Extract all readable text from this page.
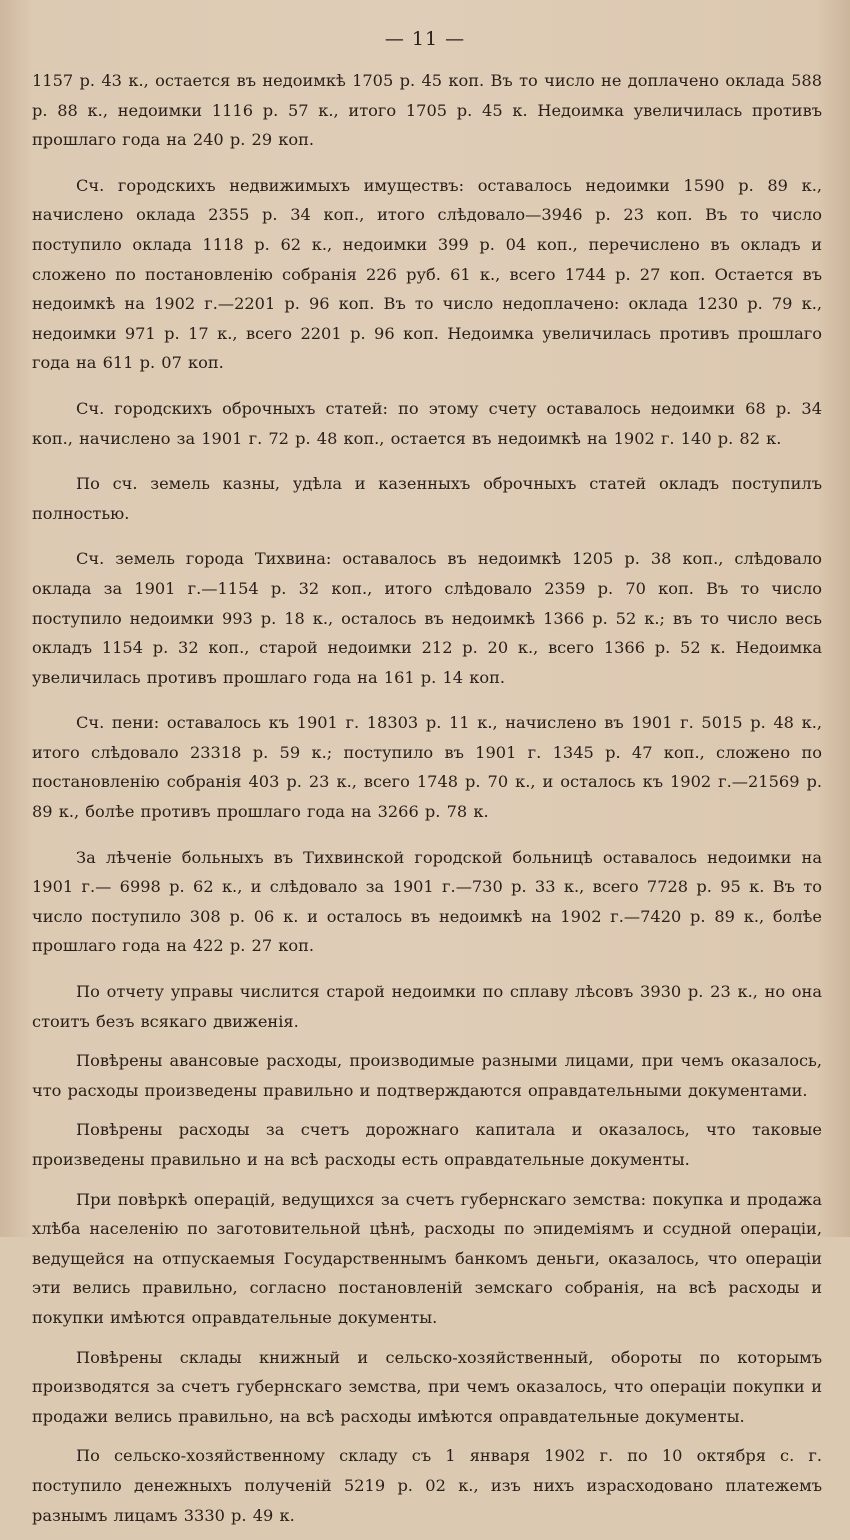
— 11 —

1157 р. 43 к., остается въ недоимкѣ 1705 р. 45 коп. Въ то число не доплачено оклада 588 р. 88 к., недоимки 1116 р. 57 к., итого 1705 р. 45 к. Недоимка увеличилась противъ прошлаго года на 240 р. 29 коп.

Сч. городскихъ недвижимыхъ имуществъ: оставалось недоимки 1590 р. 89 к., начислено оклада 2355 р. 34 коп., итого слѣдовало—3946 р. 23 коп. Въ то число поступило оклада 1118 р. 62 к., недоимки 399 р. 04 коп., перечислено въ окладъ и сложено по постановленію собранія 226 руб. 61 к., всего 1744 р. 27 коп. Остается въ недоимкѣ на 1902 г.—2201 р. 96 коп. Въ то число недоплачено: оклада 1230 р. 79 к., недоимки 971 р. 17 к., всего 2201 р. 96 коп. Недоимка увеличилась противъ прошлаго года на 611 р. 07 коп.

Сч. городскихъ оброчныхъ статей: по этому счету оставалось недоимки 68 р. 34 коп., начислено за 1901 г. 72 р. 48 коп., остается въ недоимкѣ на 1902 г. 140 р. 82 к.

По сч. земель казны, удѣла и казенныхъ оброчныхъ статей окладъ поступилъ полностью.

Сч. земель города Тихвина: оставалось въ недоимкѣ 1205 р. 38 коп., слѣдовало оклада за 1901 г.—1154 р. 32 коп., итого слѣдовало 2359 р. 70 коп. Въ то число поступило недоимки 993 р. 18 к., осталось въ недоимкѣ 1366 р. 52 к.; въ то число весь окладъ 1154 р. 32 коп., старой недоимки 212 р. 20 к., всего 1366 р. 52 к. Недоимка увеличилась противъ прошлаго года на 161 р. 14 коп.

Сч. пени: оставалось къ 1901 г. 18303 р. 11 к., начислено въ 1901 г. 5015 р. 48 к., итого слѣдовало 23318 р. 59 к.; поступило въ 1901 г. 1345 р. 47 коп., сложено по постановленію собранія 403 р. 23 к., всего 1748 р. 70 к., и осталось къ 1902 г.—21569 р. 89 к., болѣе противъ прошлаго года на 3266 р. 78 к.

За лѣченіе больныхъ въ Тихвинской городской больницѣ оставалось недоимки на 1901 г.— 6998 р. 62 к., и слѣдовало за 1901 г.—730 р. 33 к., всего 7728 р. 95 к. Въ то число поступило 308 р. 06 к. и осталось въ недоимкѣ на 1902 г.—7420 р. 89 к., болѣе прошлаго года на 422 р. 27 коп.

По отчету управы числится старой недоимки по сплаву лѣсовъ 3930 р. 23 к., но она стоитъ безъ всякаго движенія.

Повѣрены авансовые расходы, производимые разными лицами, при чемъ оказалось, что расходы произведены правильно и подтверждаются оправдательными документами.

Повѣрены расходы за счетъ дорожнаго капитала и оказалось, что таковые произведены правильно и на всѣ расходы есть оправдательные документы.

При повѣркѣ операцій, ведущихся за счетъ губернскаго земства: покупка и продажа хлѣба населенію по заготовительной цѣнѣ, расходы по эпидеміямъ и ссудной операціи, ведущейся на отпускаемыя Государственнымъ банкомъ деньги, оказалось, что операціи эти велись правильно, согласно постановленій земскаго собранія, на всѣ расходы и покупки имѣются оправдательные документы.

Повѣрены склады книжный и сельско-хозяйственный, обороты по которымъ производятся за счетъ губернскаго земства, при чемъ оказалось, что операціи покупки и продажи велись правильно, на всѣ расходы имѣются оправдательные документы.

По сельско-хозяйственному складу съ 1 января 1902 г. по 10 октября с. г. поступило денежныхъ полученій 5219 р. 02 к., изъ нихъ израсходовано платежемъ разнымъ лицамъ 3330 р. 49 к.
